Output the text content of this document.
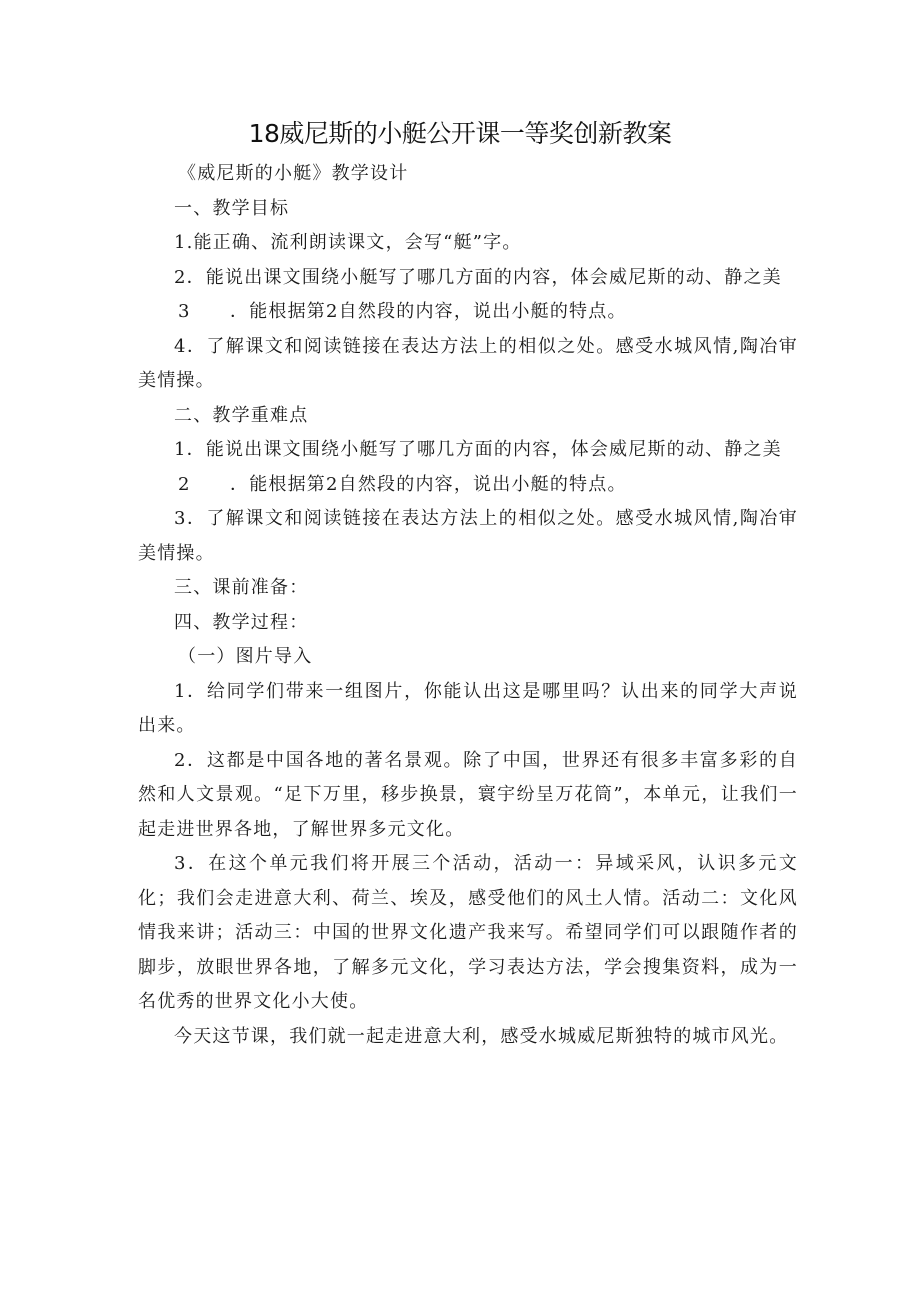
18威尼斯的小艇公开课一等奖创新教案

《威尼斯的小艇》教学设计

一、教学目标

1.能正确、流利朗读课文，会写“艇”字。

2．能说出课文围绕小艇写了哪几方面的内容，体会威尼斯的动、静之美

3 ．能根据第2自然段的内容，说出小艇的特点。

4．了解课文和阅读链接在表达方法上的相似之处。感受水城风情,陶冶审美情操。

二、教学重难点

1．能说出课文围绕小艇写了哪几方面的内容，体会威尼斯的动、静之美

2 ．能根据第2自然段的内容，说出小艇的特点。

3．了解课文和阅读链接在表达方法上的相似之处。感受水城风情,陶冶审美情操。

三、课前准备：

四、教学过程：

（一）图片导入

1．给同学们带来一组图片，你能认出这是哪里吗？认出来的同学大声说出来。

2．这都是中国各地的著名景观。除了中国，世界还有很多丰富多彩的自然和人文景观。“足下万里，移步换景，寰宇纷呈万花筒”，本单元，让我们一起走进世界各地，了解世界多元文化。

3．在这个单元我们将开展三个活动，活动一：异域采风，认识多元文化；我们会走进意大利、荷兰、埃及，感受他们的风土人情。活动二：文化风情我来讲；活动三：中国的世界文化遗产我来写。希望同学们可以跟随作者的脚步，放眼世界各地，了解多元文化，学习表达方法，学会搜集资料，成为一名优秀的世界文化小大使。

今天这节课，我们就一起走进意大利，感受水城威尼斯独特的城市风光。
